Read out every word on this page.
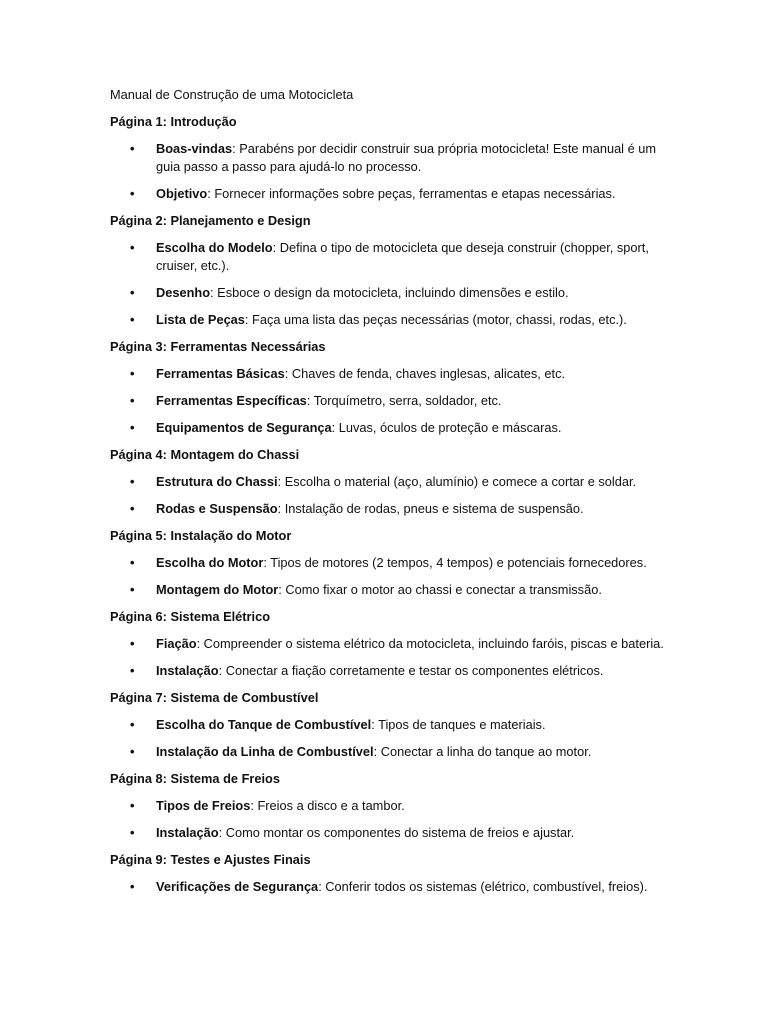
Manual de Construção de uma Motocicleta
Página 1: Introdução
• Boas-vindas: Parabéns por decidir construir sua própria motocicleta! Este manual é um guia passo a passo para ajudá-lo no processo.
• Objetivo: Fornecer informações sobre peças, ferramentas e etapas necessárias.
Página 2: Planejamento e Design
• Escolha do Modelo: Defina o tipo de motocicleta que deseja construir (chopper, sport, cruiser, etc.).
• Desenho: Esboce o design da motocicleta, incluindo dimensões e estilo.
• Lista de Peças: Faça uma lista das peças necessárias (motor, chassi, rodas, etc.).
Página 3: Ferramentas Necessárias
• Ferramentas Básicas: Chaves de fenda, chaves inglesas, alicates, etc.
• Ferramentas Específicas: Torquímetro, serra, soldador, etc.
• Equipamentos de Segurança: Luvas, óculos de proteção e máscaras.
Página 4: Montagem do Chassi
• Estrutura do Chassi: Escolha o material (aço, alumínio) e comece a cortar e soldar.
• Rodas e Suspensão: Instalação de rodas, pneus e sistema de suspensão.
Página 5: Instalação do Motor
• Escolha do Motor: Tipos de motores (2 tempos, 4 tempos) e potenciais fornecedores.
• Montagem do Motor: Como fixar o motor ao chassi e conectar a transmissão.
Página 6: Sistema Elétrico
• Fiação: Compreender o sistema elétrico da motocicleta, incluindo faróis, piscas e bateria.
• Instalação: Conectar a fiação corretamente e testar os componentes elétricos.
Página 7: Sistema de Combustível
• Escolha do Tanque de Combustível: Tipos de tanques e materiais.
• Instalação da Linha de Combustível: Conectar a linha do tanque ao motor.
Página 8: Sistema de Freios
• Tipos de Freios: Freios a disco e a tambor.
• Instalação: Como montar os componentes do sistema de freios e ajustar.
Página 9: Testes e Ajustes Finais
• Verificações de Segurança: Conferir todos os sistemas (elétrico, combustível, freios).
